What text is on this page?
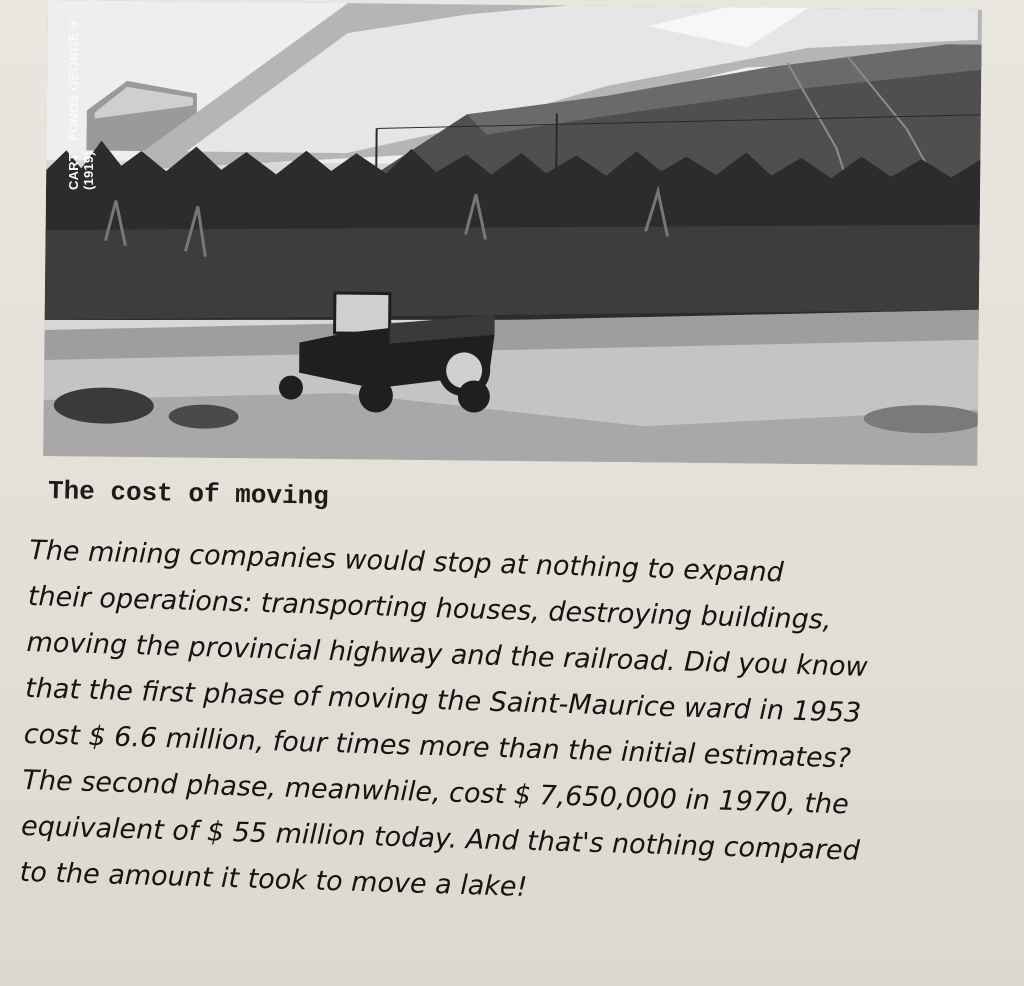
CART - FONDS GEORGE V
(1919)
The cost of moving
The mining companies would stop at nothing to expand
their operations: transporting houses, destroying buildings,
moving the provincial highway and the railroad. Did you know
that the first phase of moving the Saint-Maurice ward in 1953
cost $ 6.6 million, four times more than the initial estimates?
The second phase, meanwhile, cost $ 7,650,000 in 1970, the
equivalent of $ 55 million today. And that's nothing compared
to the amount it took to move a lake!
